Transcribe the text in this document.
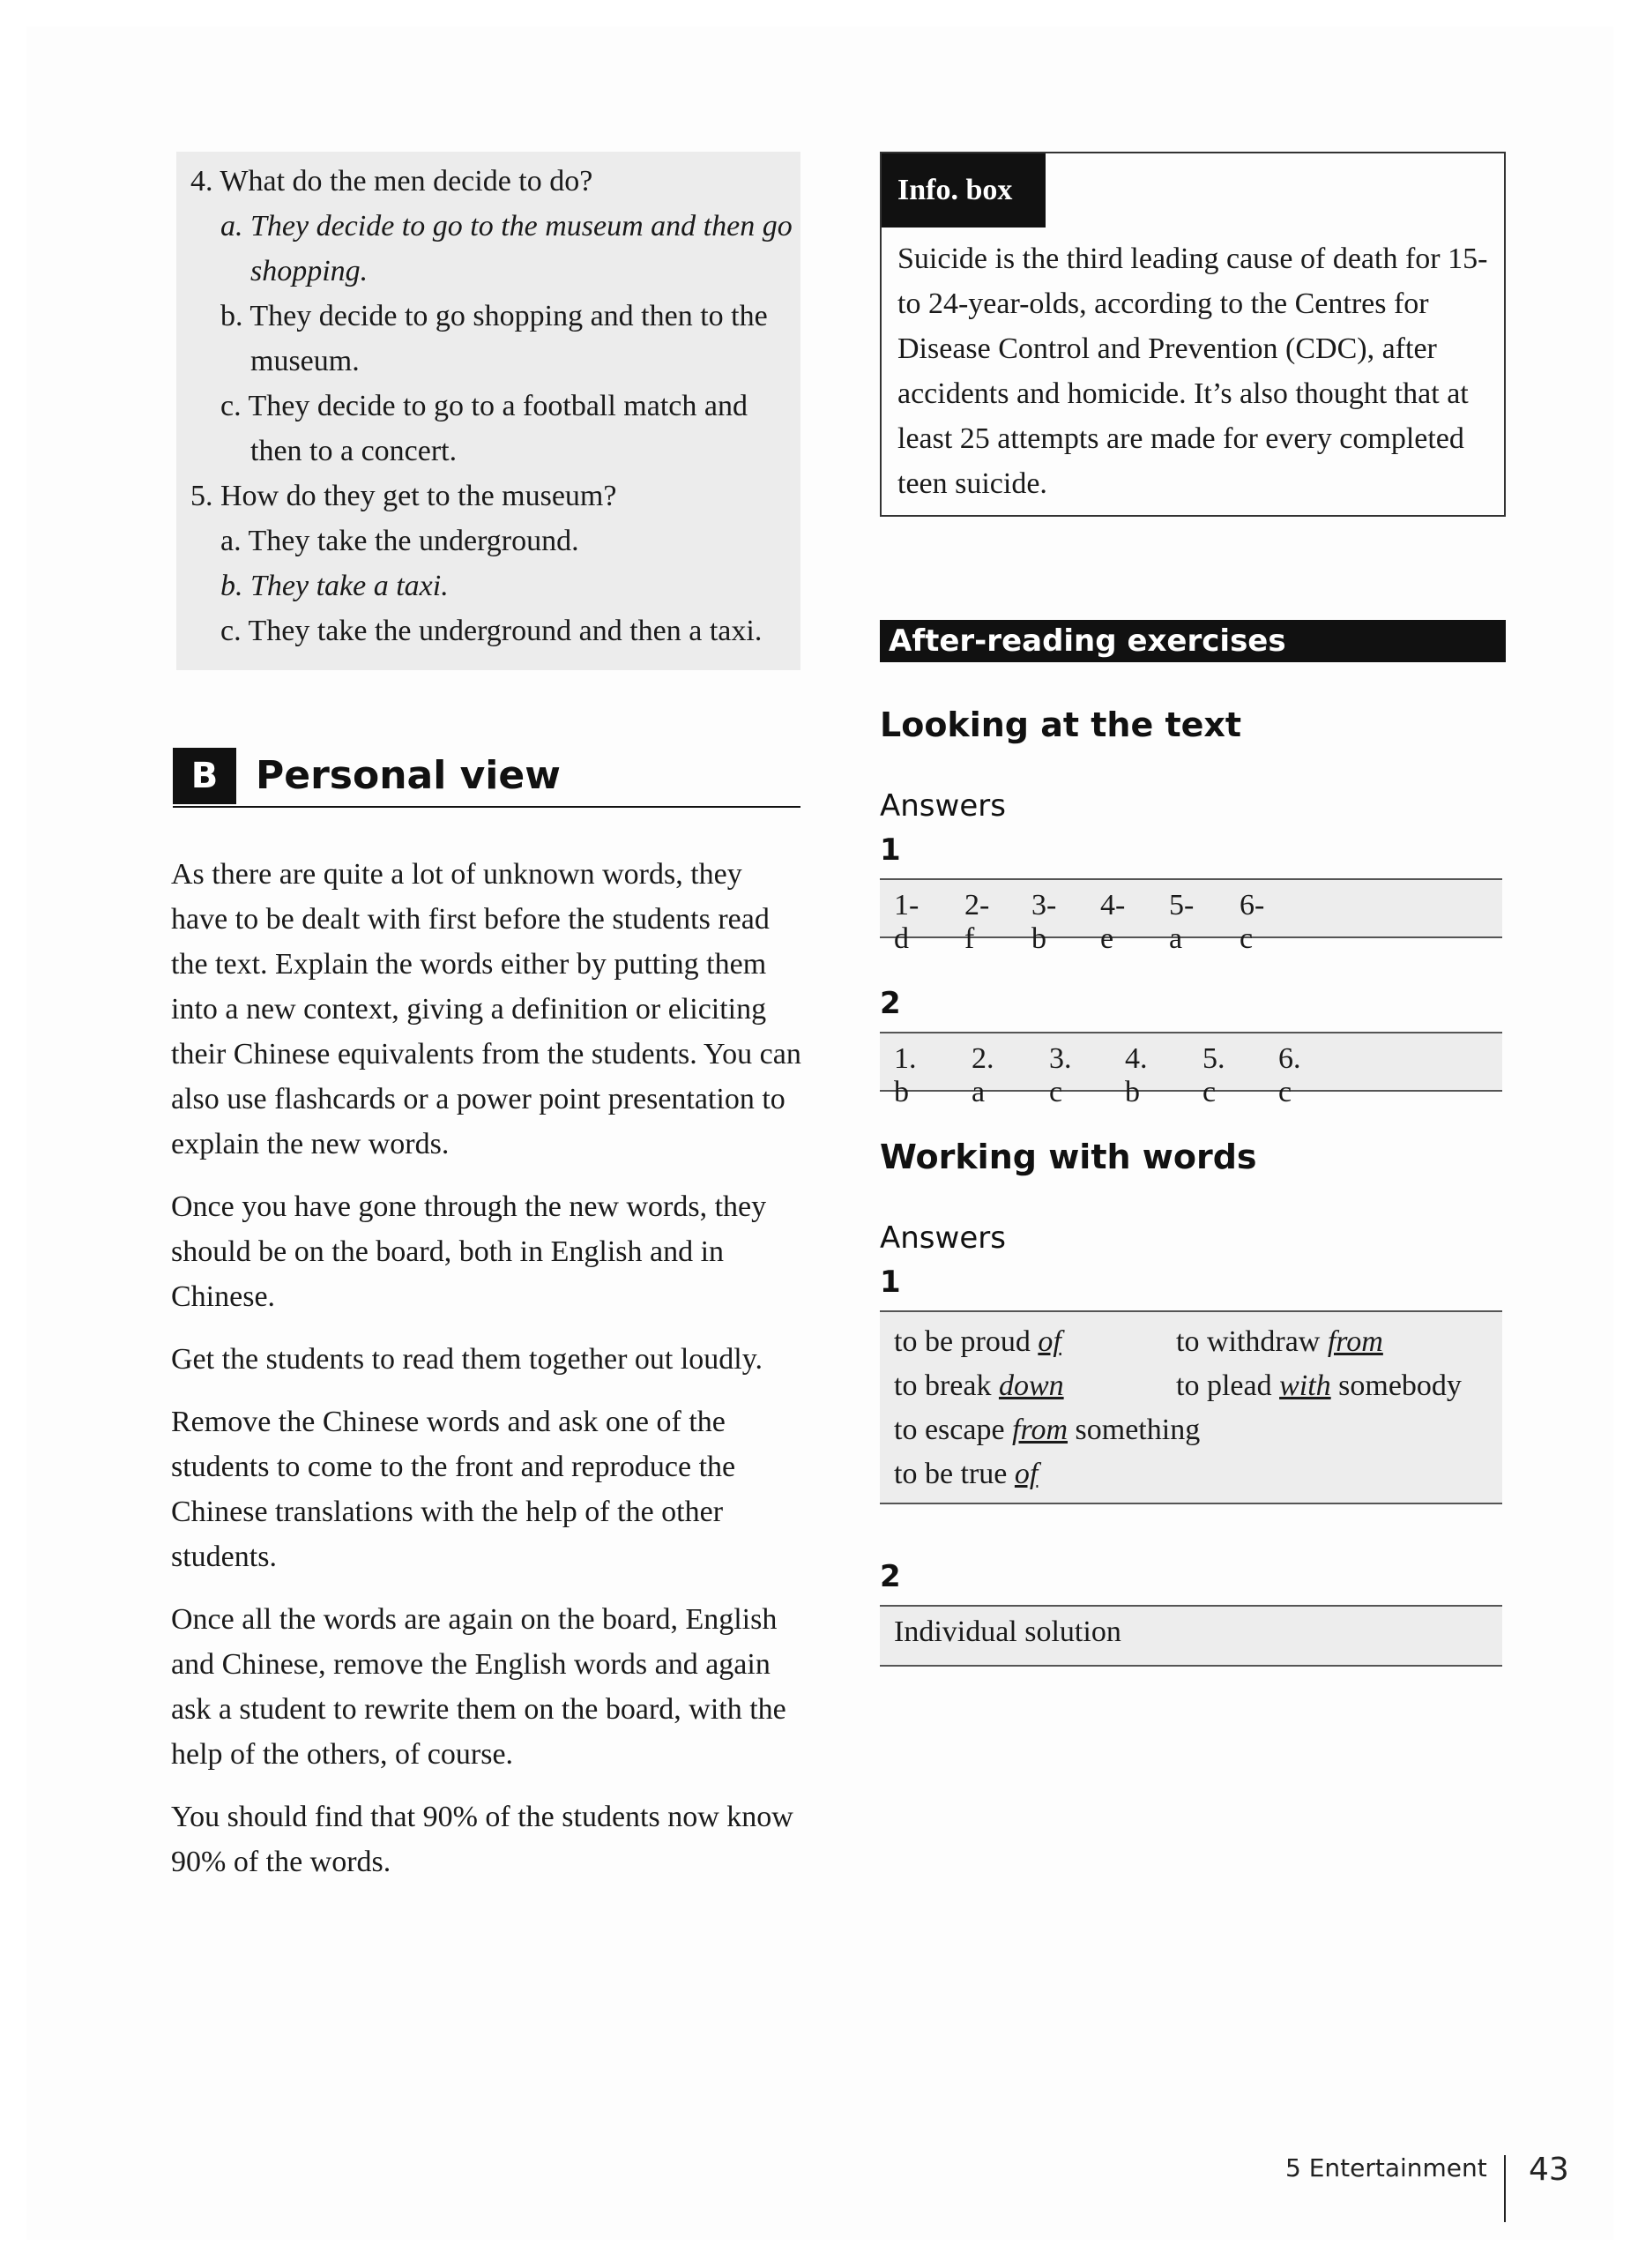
4. What do the men decide to do?

a. They decide to go to the museum and then go shopping.

b. They decide to go shopping and then to the museum.

c. They decide to go to a football match and then to a concert.

5. How do they get to the museum?

a. They take the underground.

b. They take a taxi.

c. They take the underground and then a taxi.

B Personal view

As there are quite a lot of unknown words, they have to be dealt with first before the students read the text. Explain the words either by putting them into a new context, giving a definition or eliciting their Chinese equivalents from the students. You can also use flashcards or a power point presentation to explain the new words.

Once you have gone through the new words, they should be on the board, both in English and in Chinese.

Get the students to read them together out loudly.

Remove the Chinese words and ask one of the students to come to the front and reproduce the Chinese translations with the help of the other students.

Once all the words are again on the board, English and Chinese, remove the English words and again ask a student to rewrite them on the board, with the help of the others, of course.

You should find that 90% of the students now know 90% of the words.

Info. box
Suicide is the third leading cause of death for 15- to 24-year-olds, according to the Centres for Disease Control and Prevention (CDC), after accidents and homicide. It’s also thought that at least 25 attempts are made for every completed teen suicide.
After-reading exercises
Looking at the text
Answers
1
1-d
2-f
3-b
4-e
5-a
6-c
2
1. b
2. a
3. c
4. b
5. c
6. c
Working with words
Answers
1
to be proud of	to withdraw from
to break down	to plead with somebody
to escape from something
to be true of
2
Individual solution
5 Entertainment 43
